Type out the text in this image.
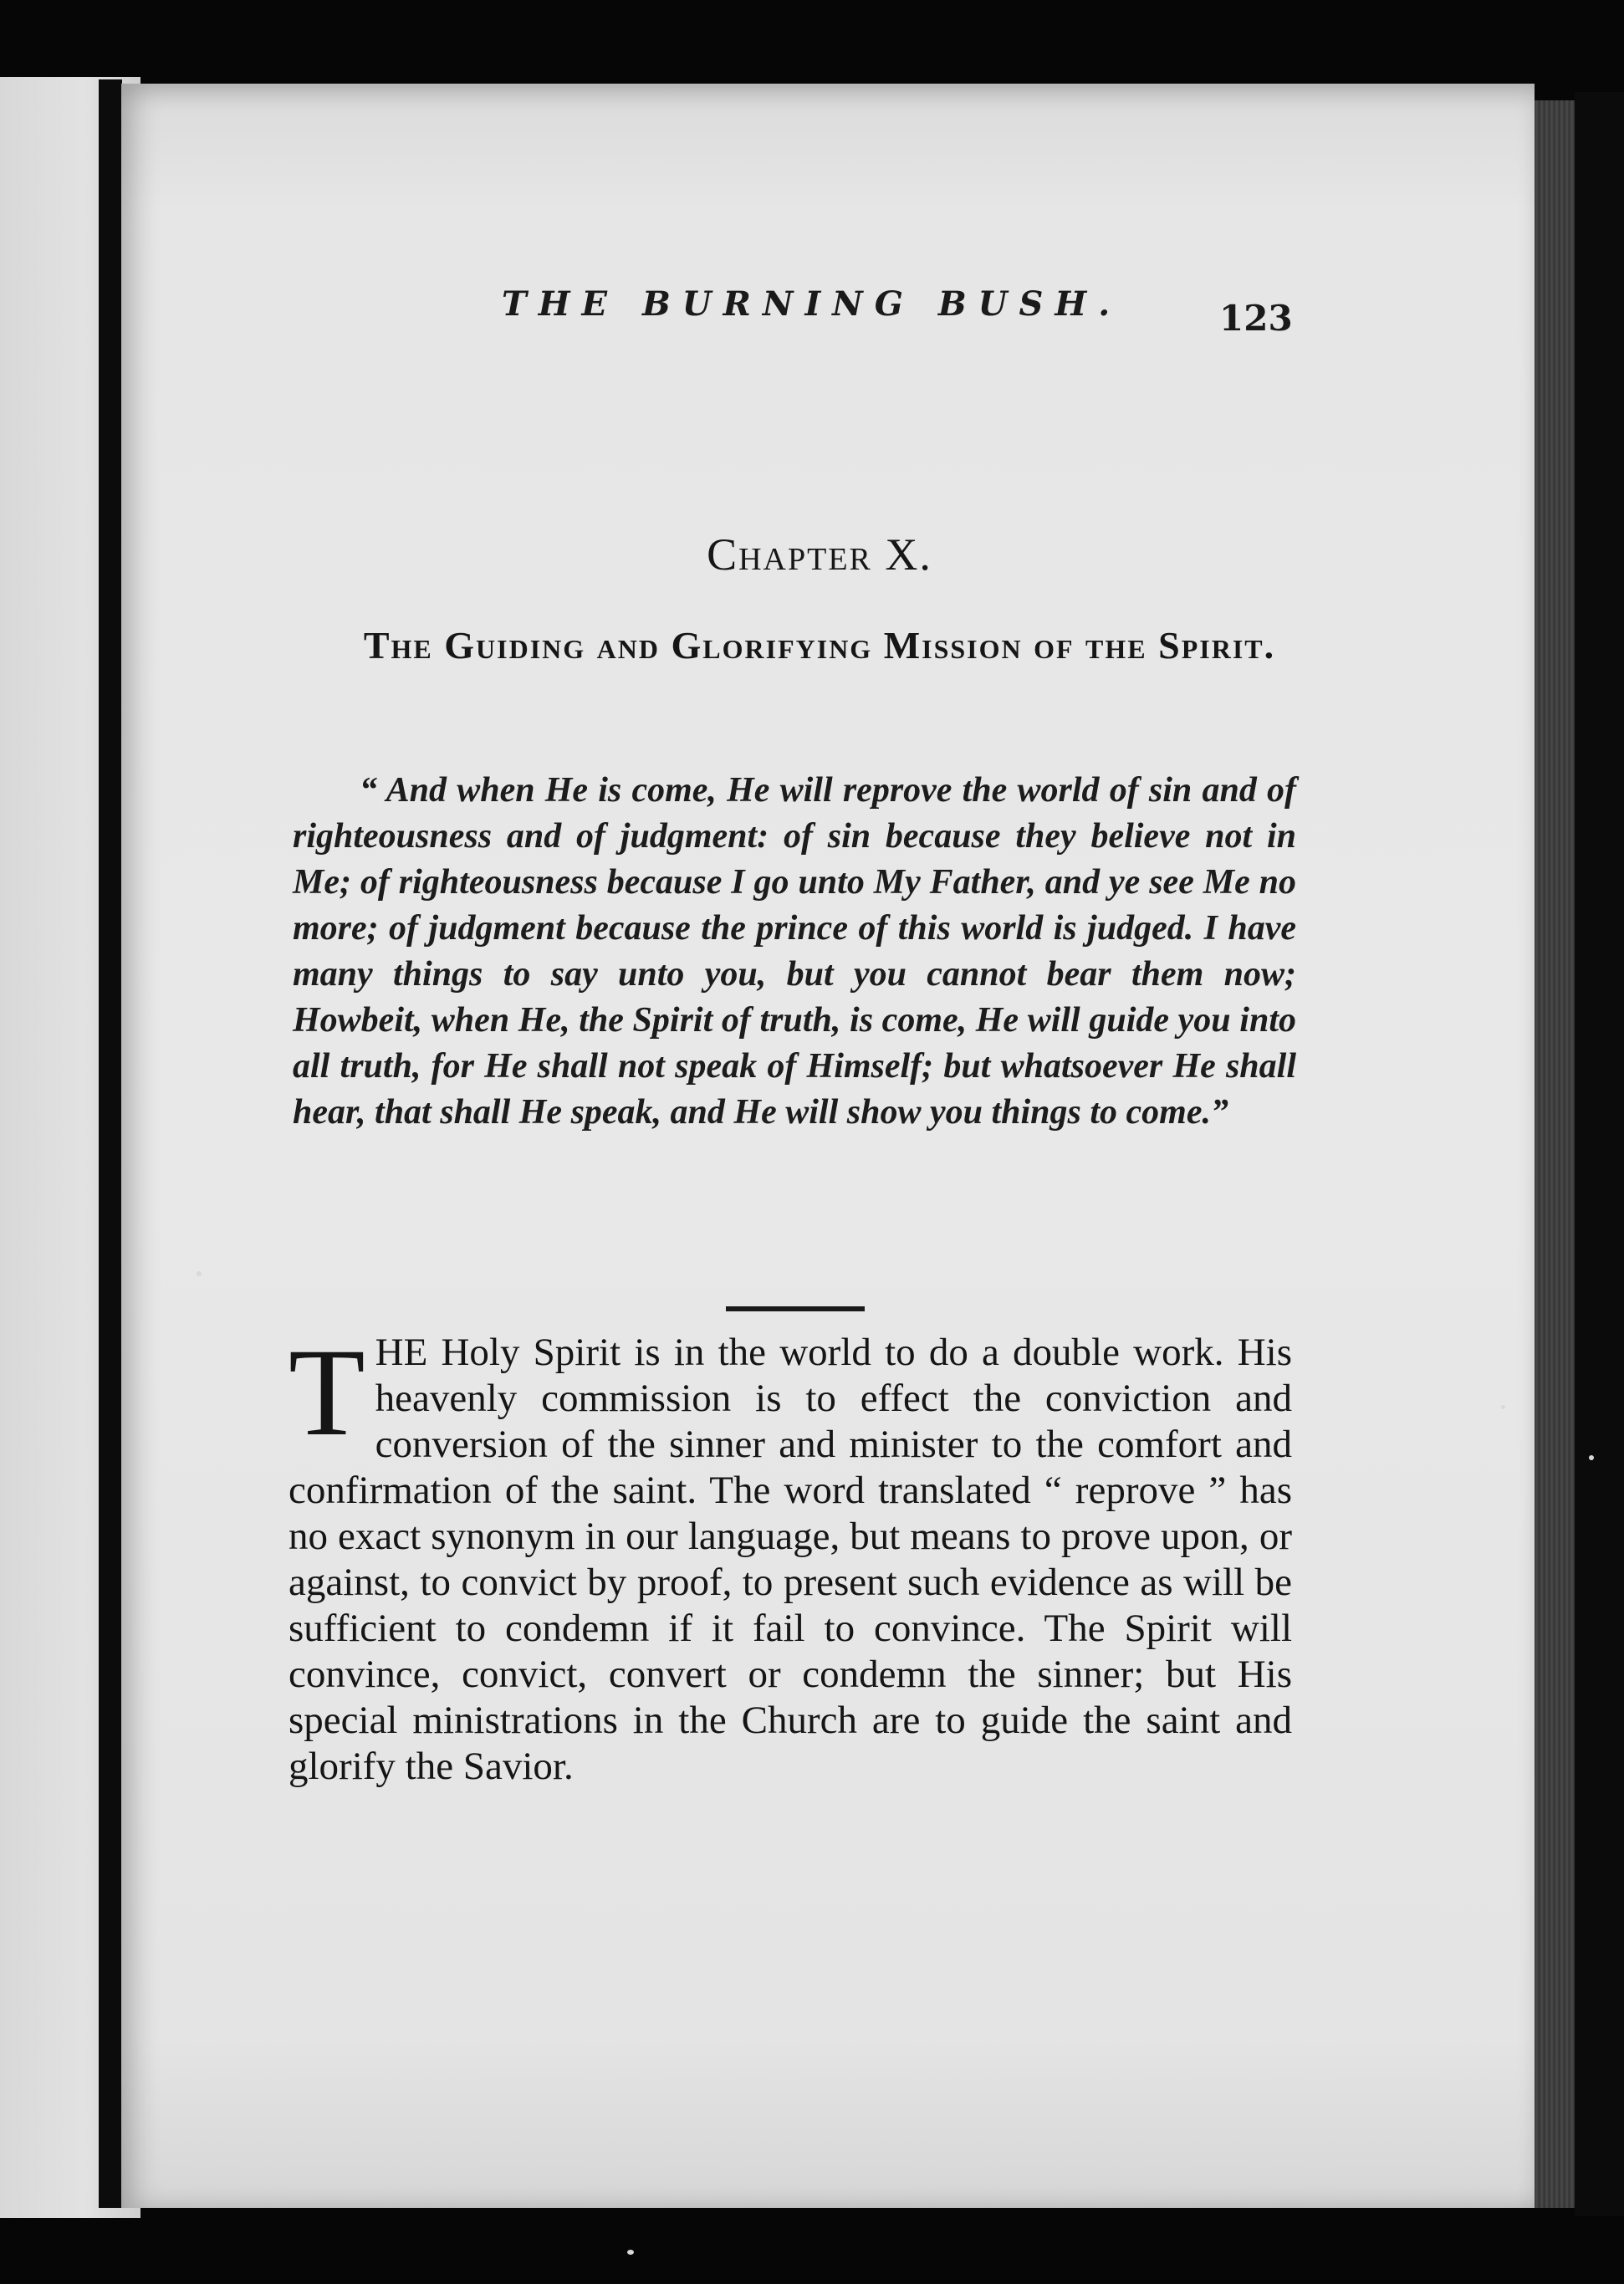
THE BURNING BUSH.	123
Chapter X.
The Guiding and Glorifying Mission of the Spirit.
“ And when He is come, He will reprove the world of sin and of righteousness and of judgment: of sin because they believe not in Me; of righteousness because I go unto My Father, and ye see Me no more; of judgment because the prince of this world is judged. I have many things to say unto you, but you cannot bear them now; Howbeit, when He, the Spirit of truth, is come, He will guide you into all truth, for He shall not speak of Himself; but whatsoever He shall hear, that shall He speak, and He will show you things to come.”
T HE Holy Spirit is in the world to do a double work. His heavenly commission is to effect the conviction and conversion of the sinner and minister to the comfort and confirmation of the saint. The word translated “ reprove ” has no exact synonym in our language, but means to prove upon, or against, to convict by proof, to present such evidence as will be sufficient to condemn if it fail to convince. The Spirit will convince, convict, convert or condemn the sinner; but His special ministrations in the Church are to guide the saint and glorify the Savior.
